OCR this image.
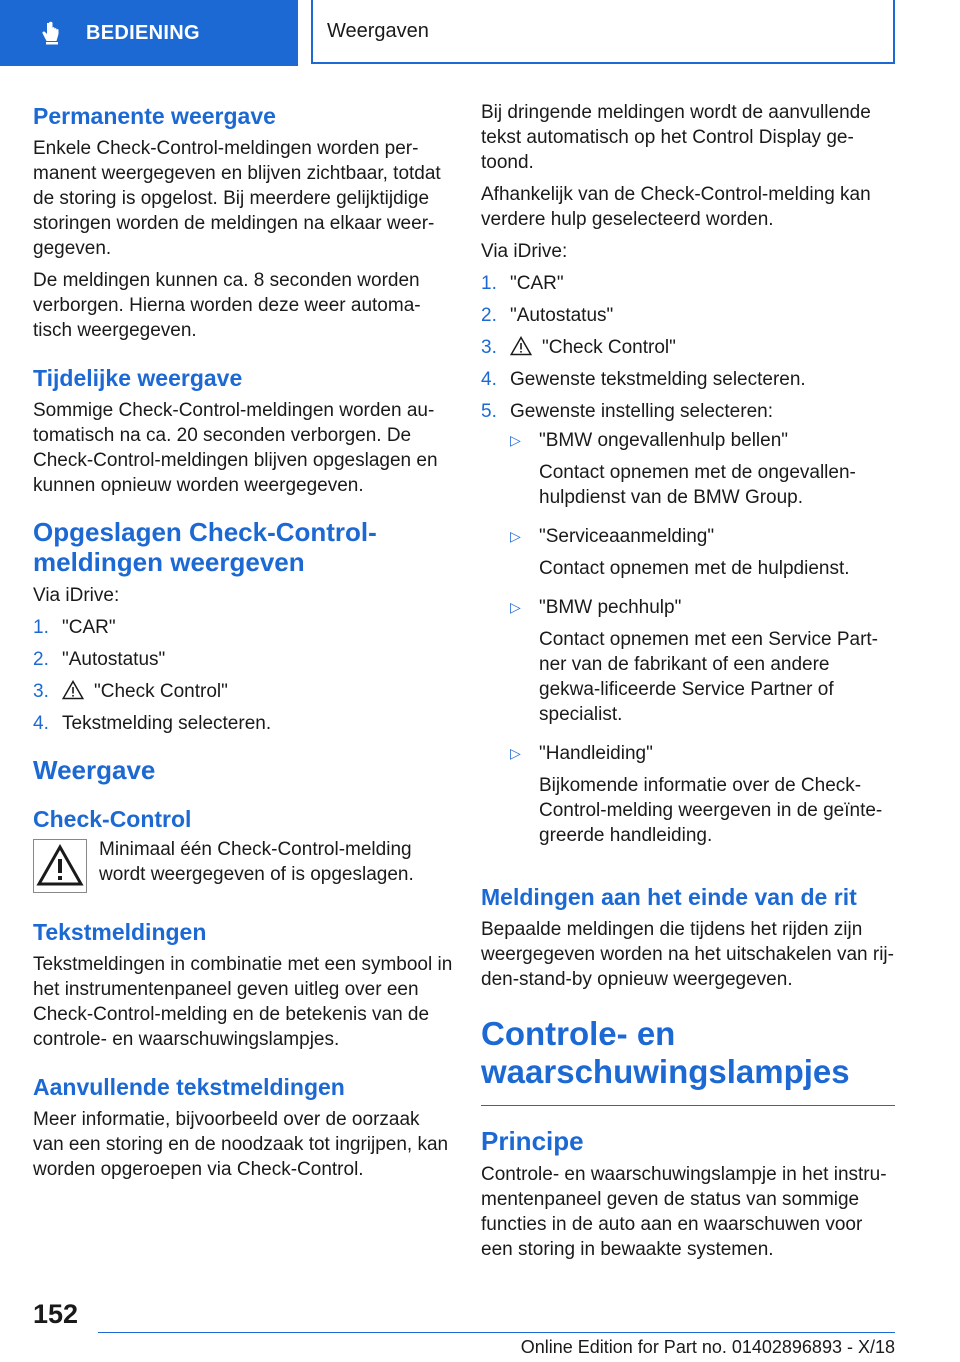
BEDIENING	Weergaven
Permanente weergave

Enkele Check-Control-meldingen worden per-manent weergegeven en blijven zichtbaar, totdat de storing is opgelost. Bij meerdere gelijktijdige storingen worden de meldingen na elkaar weer-gegeven.

De meldingen kunnen ca. 8 seconden worden verborgen. Hierna worden deze weer automa-tisch weergegeven.

Tijdelijke weergave

Sommige Check-Control-meldingen worden au-tomatisch na ca. 20 seconden verborgen. De Check-Control-meldingen blijven opgeslagen en kunnen opnieuw worden weergegeven.

Opgeslagen Check-Control-meldingen weergeven

Via iDrive:

1. "CAR"
2. "Autostatus"
3.	"Check Control"
4. Tekstmelding selecteren.
Weergave
Check-Control

Minimaal één Check-Control-melding wordt weergegeven of is opgeslagen.

Tekstmeldingen

Tekstmeldingen in combinatie met een symbool in het instrumentenpaneel geven uitleg over een Check-Control-melding en de betekenis van de controle- en waarschuwingslampjes.

Aanvullende tekstmeldingen

Meer informatie, bijvoorbeeld over de oorzaak van een storing en de noodzaak tot ingrijpen, kan worden opgeroepen via Check-Control.

Bij dringende meldingen wordt de aanvullende tekst automatisch op het Control Display ge-toond.

Afhankelijk van de Check-Control-melding kan verdere hulp geselecteerd worden.

Via iDrive:

1. "CAR"
2. "Autostatus"
3.	"Check Control"
4. Gewenste tekstmelding selecteren.
5. Gewenste instelling selecteren:
▷ "BMW ongevallenhulp bellen"

Contact opnemen met de ongevallen-hulpdienst van de BMW Group.

▷ "Serviceaanmelding"

Contact opnemen met de hulpdienst.

▷ "BMW pechhulp"

Contact opnemen met een Service Part-ner van de fabrikant of een andere gekwa-lificeerde Service Partner of specialist.

▷ "Handleiding"

Bijkomende informatie over de Check-Control-melding weergeven in de geïnte-greerde handleiding.

Meldingen aan het einde van de rit

Bepaalde meldingen die tijdens het rijden zijn weergegeven worden na het uitschakelen van rij-den-stand-by opnieuw weergegeven.

Controle- en waarschuwingslampjes
Principe

Controle- en waarschuwingslampje in het instru-mentenpaneel geven de status van sommige functies in de auto aan en waarschuwen voor een storing in bewaakte systemen.

152
Online Edition for Part no. 01402896893 - X/18
